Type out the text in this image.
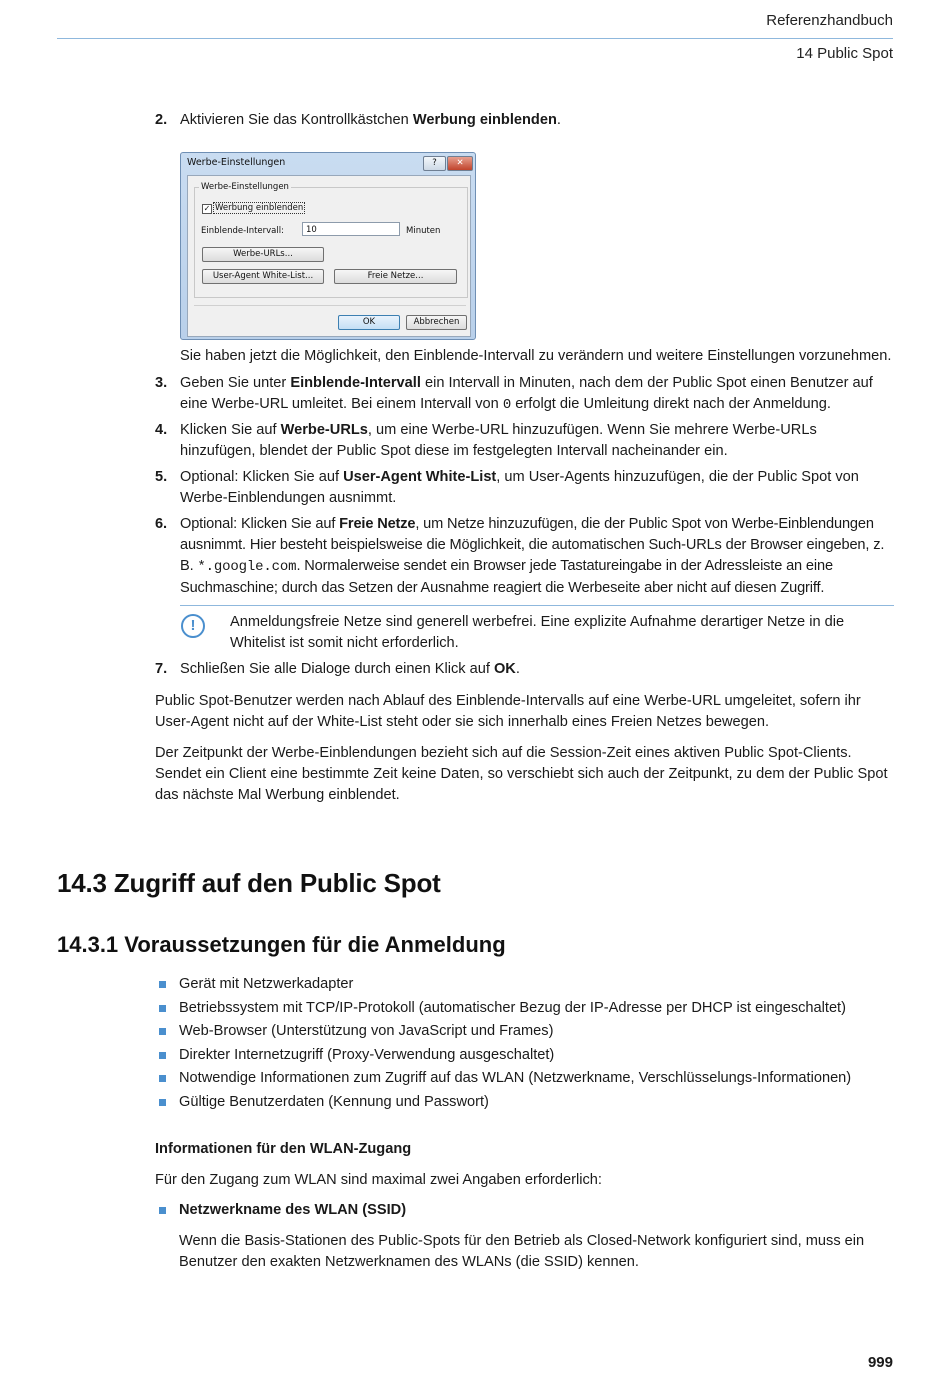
Referenzhandbuch
14 Public Spot
2. Aktivieren Sie das Kontrollkästchen Werbung einblenden.
Werbe-Einstellungen	?	✕
Werbe-Einstellungen
✓ Werbung einblenden
Einblende-Intervall:	10	Minuten
Werbe-URLs...
User-Agent White-List...	Freie Netze...
OK	Abbrechen
Sie haben jetzt die Möglichkeit, den Einblende-Intervall zu verändern und weitere Einstellungen vorzunehmen.
3. Geben Sie unter Einblende-Intervall ein Intervall in Minuten, nach dem der Public Spot einen Benutzer auf eine Werbe-URL umleitet. Bei einem Intervall von 0 erfolgt die Umleitung direkt nach der Anmeldung.
4. Klicken Sie auf Werbe-URLs, um eine Werbe-URL hinzuzufügen. Wenn Sie mehrere Werbe-URLs hinzufügen, blendet der Public Spot diese im festgelegten Intervall nacheinander ein.
5. Optional: Klicken Sie auf User-Agent White-List, um User-Agents hinzuzufügen, die der Public Spot von Werbe-Einblendungen ausnimmt.
6. Optional: Klicken Sie auf Freie Netze, um Netze hinzuzufügen, die der Public Spot von Werbe-Einblendungen ausnimmt. Hier besteht beispielsweise die Möglichkeit, die automatischen Such-URLs der Browser eingeben, z. B. *.google.com. Normalerweise sendet ein Browser jede Tastatureingabe in der Adressleiste an eine Suchmaschine; durch das Setzen der Ausnahme reagiert die Werbeseite aber nicht auf diesen Zugriff.
!	Anmeldungsfreie Netze sind generell werbefrei. Eine explizite Aufnahme derartiger Netze in die Whitelist ist somit nicht erforderlich.
7. Schließen Sie alle Dialoge durch einen Klick auf OK.
Public Spot-Benutzer werden nach Ablauf des Einblende-Intervalls auf eine Werbe-URL umgeleitet, sofern ihr User-Agent nicht auf der White-List steht oder sie sich innerhalb eines Freien Netzes bewegen.
Der Zeitpunkt der Werbe-Einblendungen bezieht sich auf die Session-Zeit eines aktiven Public Spot-Clients. Sendet ein Client eine bestimmte Zeit keine Daten, so verschiebt sich auch der Zeitpunkt, zu dem der Public Spot das nächste Mal Werbung einblendet.
14.3 Zugriff auf den Public Spot
14.3.1 Voraussetzungen für die Anmeldung
Gerät mit Netzwerkadapter
Betriebssystem mit TCP/IP-Protokoll (automatischer Bezug der IP-Adresse per DHCP ist eingeschaltet)
Web-Browser (Unterstützung von JavaScript und Frames)
Direkter Internetzugriff (Proxy-Verwendung ausgeschaltet)
Notwendige Informationen zum Zugriff auf das WLAN (Netzwerkname, Verschlüsselungs-Informationen)
Gültige Benutzerdaten (Kennung und Passwort)
Informationen für den WLAN-Zugang
Für den Zugang zum WLAN sind maximal zwei Angaben erforderlich:
Netzwerkname des WLAN (SSID)
Wenn die Basis-Stationen des Public-Spots für den Betrieb als Closed-Network konfiguriert sind, muss ein Benutzer den exakten Netzwerknamen des WLANs (die SSID) kennen.
999
